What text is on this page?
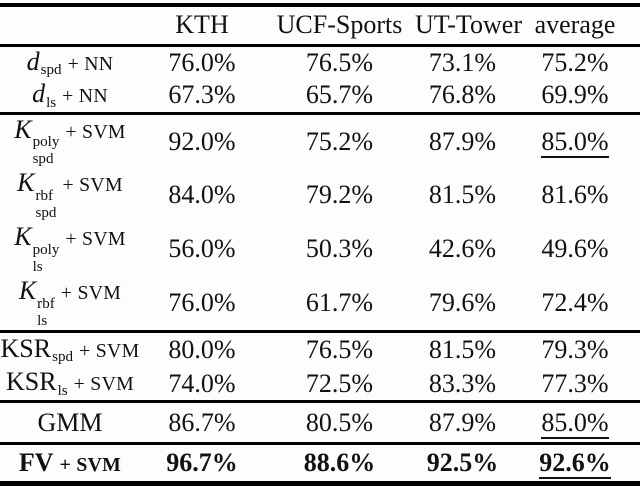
	KTH	UCF-Sports	UT-Tower	average
$d_{spd}$ + NN	76.0%	76.5%	73.1%	75.2%
$d_{ls}$ + NN	67.3%	65.7%	76.8%	69.9%
K poly
spd
+ SVM	92.0%	75.2%	87.9%	85.0%
K rbf
spd
+ SVM	84.0%	79.2%	81.5%	81.6%
K poly
ls
+ SVM	56.0%	50.3%	42.6%	49.6%
K rbf
ls
+ SVM	76.0%	61.7%	79.6%	72.4%
$KSR_{spd}$ + SVM	80.0%	76.5%	81.5%	79.3%
$KSR_{ls}$ + SVM	74.0%	72.5%	83.3%	77.3%
GMM	86.7%	80.5%	87.9%	85.0%
FV + SVM	96.7%	88.6%	92.5%	92.6%
